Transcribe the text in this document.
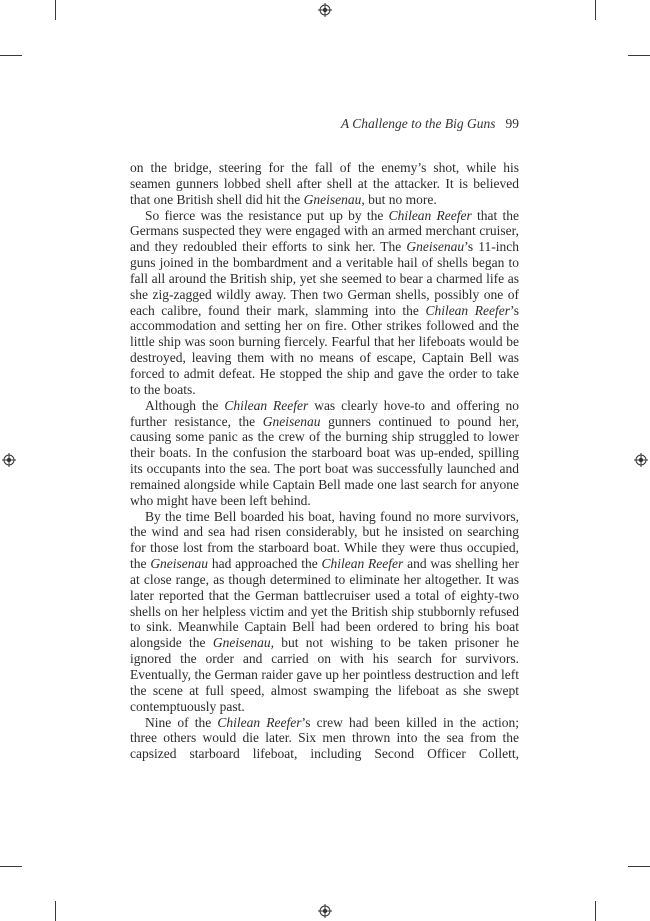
A Challenge to the Big Guns 99

on the bridge, steering for the fall of the enemy’s shot, while his seamen gunners lobbed shell after shell at the attacker. It is believed that one British shell did hit the Gneisenau, but no more.

So fierce was the resistance put up by the Chilean Reefer that the Germans suspected they were engaged with an armed merchant cruiser, and they redoubled their efforts to sink her. The Gneisenau’s 11-inch guns joined in the bombardment and a veritable hail of shells began to fall all around the British ship, yet she seemed to bear a charmed life as she zig-zagged wildly away. Then two German shells, possibly one of each calibre, found their mark, slamming into the Chilean Reefer’s accommodation and setting her on fire. Other strikes followed and the little ship was soon burning fiercely. Fearful that her lifeboats would be destroyed, leaving them with no means of escape, Captain Bell was forced to admit defeat. He stopped the ship and gave the order to take to the boats.

Although the Chilean Reefer was clearly hove-to and offering no further resistance, the Gneisenau gunners continued to pound her, causing some panic as the crew of the burning ship struggled to lower their boats. In the confusion the starboard boat was up-ended, spilling its occupants into the sea. The port boat was successfully launched and remained alongside while Captain Bell made one last search for anyone who might have been left behind.

By the time Bell boarded his boat, having found no more survivors, the wind and sea had risen considerably, but he insisted on searching for those lost from the starboard boat. While they were thus occupied, the Gneisenau had approached the Chilean Reefer and was shelling her at close range, as though determined to eliminate her altogether. It was later reported that the German battlecruiser used a total of eighty-two shells on her helpless victim and yet the British ship stubbornly refused to sink. Meanwhile Captain Bell had been ordered to bring his boat alongside the Gneisenau, but not wishing to be taken prisoner he ignored the order and carried on with his search for survivors. Eventually, the German raider gave up her pointless destruction and left the scene at full speed, almost swamping the lifeboat as she swept contemptuously past.

Nine of the Chilean Reefer’s crew had been killed in the action; three others would die later. Six men thrown into the sea from the capsized starboard lifeboat, including Second Officer Collett,
